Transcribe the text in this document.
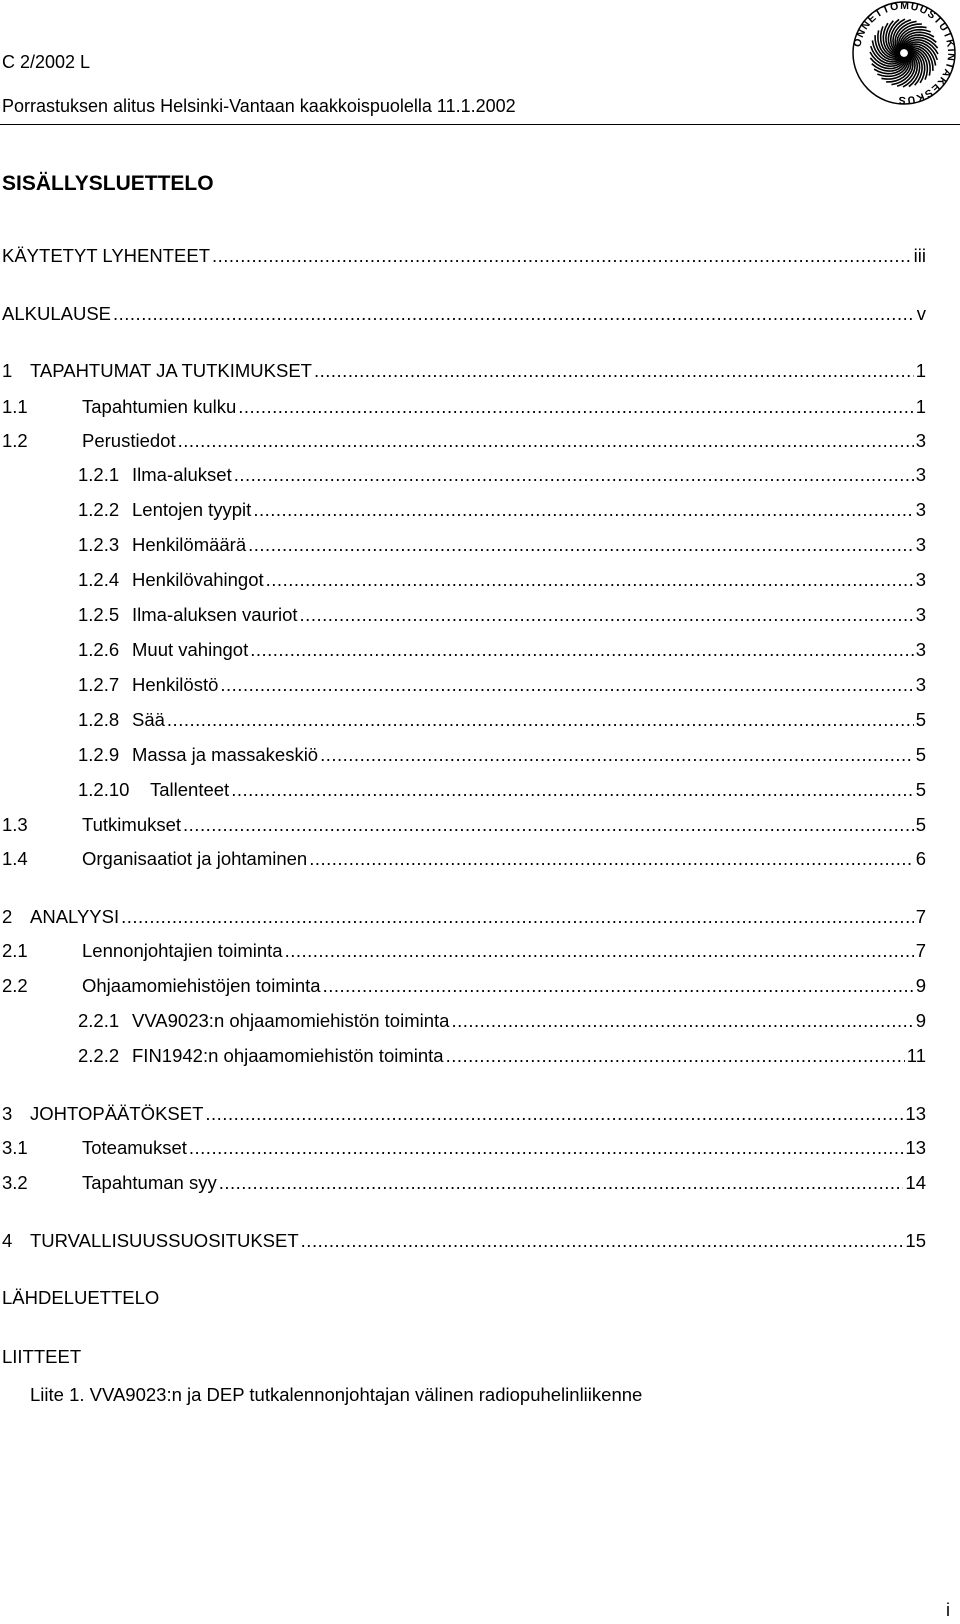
C 2/2002 L
Porrastuksen alitus Helsinki-Vantaan kaakkoispuolella 11.1.2002
ONNETTOMUUSTUTKINTAKESKUS
SISÄLLYSLUETTELO
KÄYTETYT LYHENTEET .....	iii
ALKULAUSE .....	v
1 TAPAHTUMAT JA TUTKIMUKSET .....	1
1.1	Tapahtumien kulku .....	1
1.2	Perustiedot .....	3
1.2.1 Ilma-alukset .....	3
1.2.2 Lentojen tyypit .....	3
1.2.3 Henkilömäärä .....	3
1.2.4 Henkilövahingot .....	3
1.2.5 Ilma-aluksen vauriot .....	3
1.2.6 Muut vahingot .....	3
1.2.7 Henkilöstö .....	3
1.2.8 Sää .....	5
1.2.9 Massa ja massakeskiö .....	5
1.2.10	Tallenteet .....	5
1.3	Tutkimukset .....	5
1.4	Organisaatiot ja johtaminen .....	6
2 ANALYYSI .....	7
2.1	Lennonjohtajien toiminta .....	7
2.2	Ohjaamomiehistöjen toiminta .....	9
2.2.1 VVA9023:n ohjaamomiehistön toiminta .....	9
2.2.2 FIN1942:n ohjaamomiehistön toiminta .....	11
3 JOHTOPÄÄTÖKSET .....	13
3.1	Toteamukset .....	13
3.2	Tapahtuman syy .....	14
4 TURVALLISUUSSUOSITUKSET .....	15
LÄHDELUETTELO
LIITTEET
Liite 1. VVA9023:n ja DEP tutkalennonjohtajan välinen radiopuhelinliikenne
i
